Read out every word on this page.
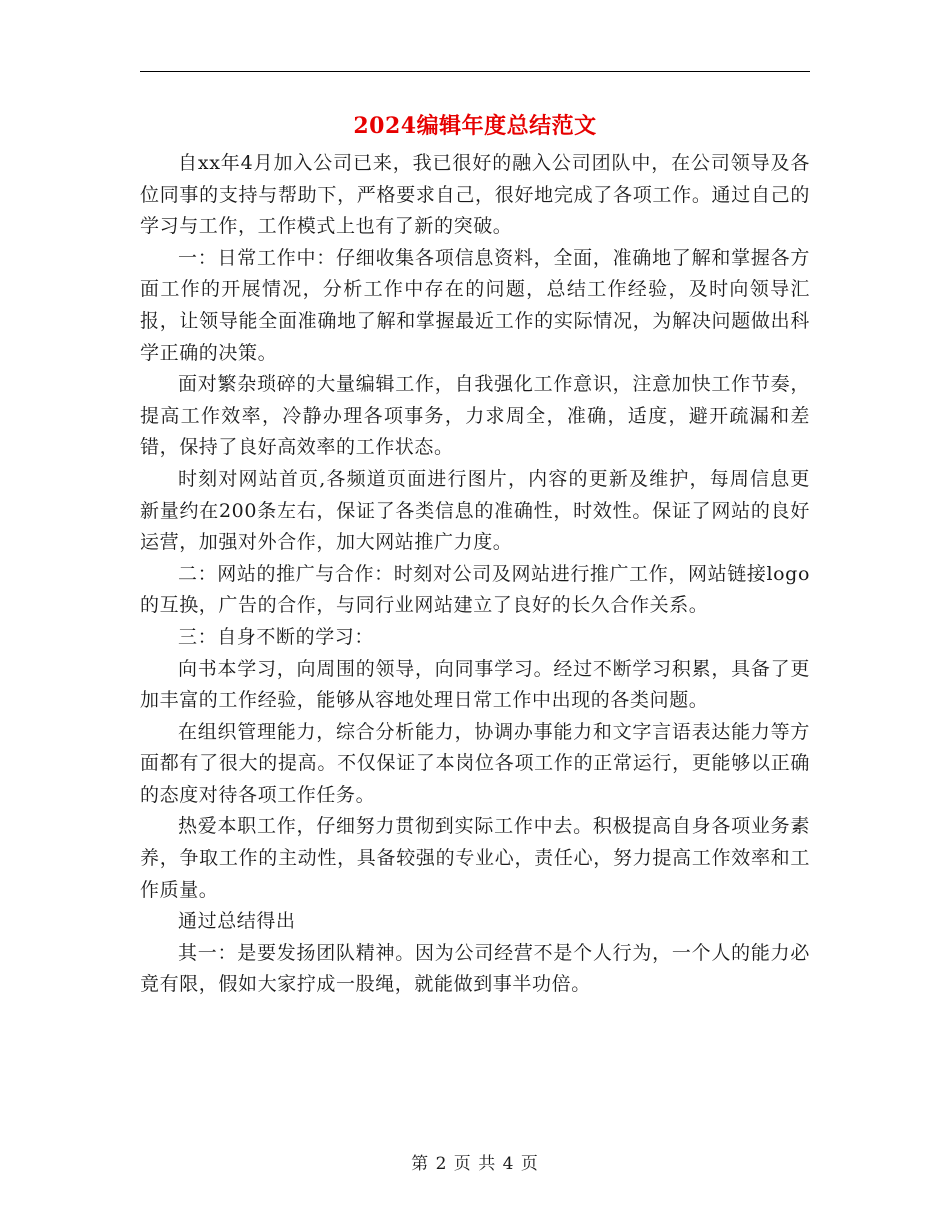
2024编辑年度总结范文

自xx年4月加入公司已来，我已很好的融入公司团队中，在公司领导及各位同事的支持与帮助下，严格要求自己，很好地完成了各项工作。通过自己的学习与工作，工作模式上也有了新的突破。

一：日常工作中：仔细收集各项信息资料，全面，准确地了解和掌握各方面工作的开展情况，分析工作中存在的问题，总结工作经验，及时向领导汇报，让领导能全面准确地了解和掌握最近工作的实际情况，为解决问题做出科学正确的决策。

面对繁杂琐碎的大量编辑工作，自我强化工作意识，注意加快工作节奏，提高工作效率，冷静办理各项事务，力求周全，准确，适度，避开疏漏和差错，保持了良好高效率的工作状态。

时刻对网站首页,各频道页面进行图片，内容的更新及维护，每周信息更新量约在200条左右，保证了各类信息的准确性，时效性。保证了网站的良好运营，加强对外合作，加大网站推广力度。

二：网站的推广与合作：时刻对公司及网站进行推广工作，网站链接logo的互换，广告的合作，与同行业网站建立了良好的长久合作关系。

三：自身不断的学习：

向书本学习，向周围的领导，向同事学习。经过不断学习积累，具备了更加丰富的工作经验，能够从容地处理日常工作中出现的各类问题。

在组织管理能力，综合分析能力，协调办事能力和文字言语表达能力等方面都有了很大的提高。不仅保证了本岗位各项工作的正常运行，更能够以正确的态度对待各项工作任务。

热爱本职工作，仔细努力贯彻到实际工作中去。积极提高自身各项业务素养，争取工作的主动性，具备较强的专业心，责任心，努力提高工作效率和工作质量。

通过总结得出

其一：是要发扬团队精神。因为公司经营不是个人行为，一个人的能力必竟有限，假如大家拧成一股绳，就能做到事半功倍。

第 2 页 共 4 页
